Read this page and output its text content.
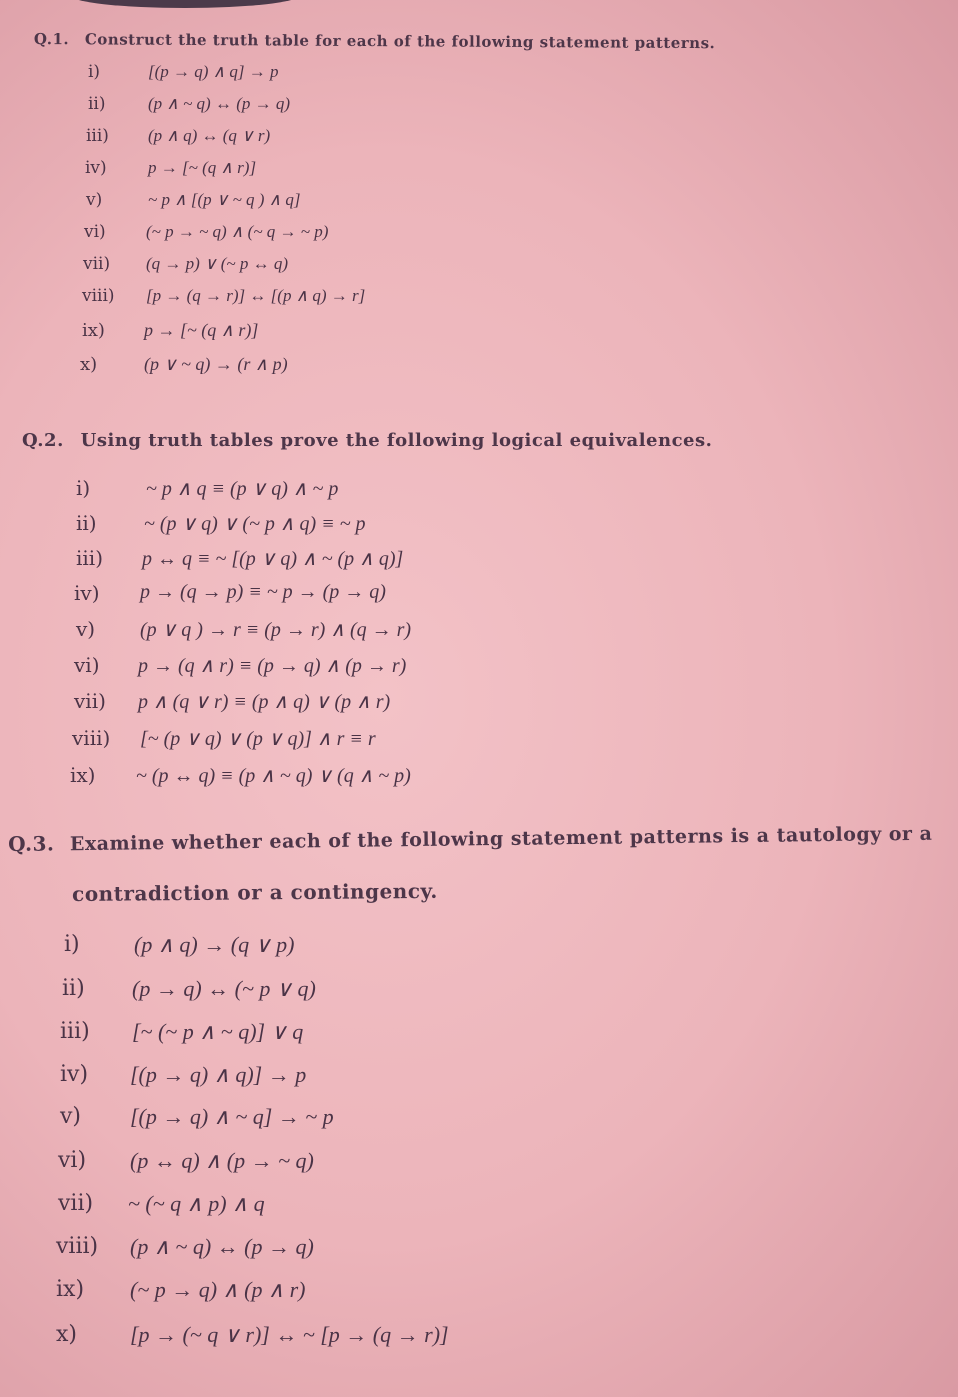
Q.1. Construct the truth table for each of the following statement patterns.
i)	[(p → q) ∧ q] → p
ii) (p ∧ ~ q) ↔ (p → q)
iii) (p ∧ q) ↔ (q ∨ r)
iv) p → [~ (q ∧ r)]
v)	~ p ∧ [(p ∨ ~ q ) ∧ q]
vi) (~ p → ~ q) ∧ (~ q → ~ p)
vii) (q → p) ∨ (~ p ↔ q)
viii) [p → (q → r)] ↔ [(p ∧ q) → r]
ix) p → [~ (q ∧ r)]
x)	(p ∨ ~ q) → (r ∧ p)
Q.2. Using truth tables prove the following logical equivalences.
i)	~ p ∧ q ≡ (p ∨ q) ∧ ~ p
ii) ~ (p ∨ q) ∨ (~ p ∧ q) ≡ ~ p
iii) p ↔ q ≡ ~ [(p ∨ q) ∧ ~ (p ∧ q)]
iv) p → (q → p) ≡ ~ p → (p → q)
v) (p ∨ q ) → r ≡ (p → r) ∧ (q → r)
vi) p → (q ∧ r) ≡ (p → q) ∧ (p → r)
vii) p ∧ (q ∨ r) ≡ (p ∧ q) ∨ (p ∧ r)
viii) [~ (p ∨ q) ∨ (p ∨ q)] ∧ r ≡ r
ix) ~ (p ↔ q) ≡ (p ∧ ~ q) ∨ (q ∧ ~ p)
Q.3. Examine whether each of the following statement patterns is a tautology or a
contradiction or a contingency.
i) (p ∧ q) → (q ∨ p)
ii) (p → q) ↔ (~ p ∨ q)
iii) [~ (~ p ∧ ~ q)] ∨ q
iv) [(p → q) ∧ q)] → p
v) [(p → q) ∧ ~ q] → ~ p
vi) (p ↔ q) ∧ (p → ~ q)
vii) ~ (~ q ∧ p) ∧ q
viii) (p ∧ ~ q) ↔ (p → q)
ix) (~ p → q) ∧ (p ∧ r)
x) [p → (~ q ∨ r)] ↔ ~ [p → (q → r)]
